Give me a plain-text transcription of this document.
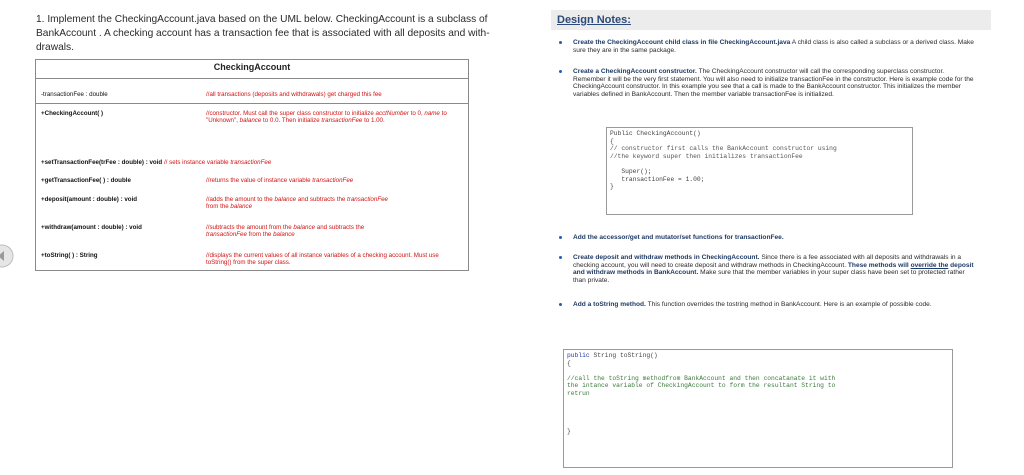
1. Implement the CheckingAccount.java based on the UML below. CheckingAccount is a subclass of BankAccount . A checking account has a transaction fee that is associated with all deposits and with-drawals.
CheckingAccount
-transactionFee : double	//all transactions (deposits and withdrawals) get charged this fee
+CheckingAccount( )	//constructor. Must call the super class constructor to initialize acctNumber to 0, name to "Unknown", balance to 0.0. Then initialize transactionFee to 1.00.
+setTransactionFee(trFee : double) : void // sets instance variable transactionFee
+getTransactionFee( ) : double	//returns the value of instance variable transactionFee
+deposit(amount : double) : void	//adds the amount to the balance and subtracts the transactionFee
from the balance
+withdraw(amount : double) : void	//subtracts the amount from the balance and subtracts the
transactionFee from the balance
+toString( ) : String	//displays the current values of all instance variables of a checking account. Must use toString() from the super class.
Design Notes:
Create the CheckingAccount child class in file CheckingAccount.java A child class is also called a subclass or a derived class. Make sure they are in the same package.
Create a CheckingAccount constructor. The CheckingAccount constructor will call the corresponding superclass constructor. Remember it will be the very first statement. You will also need to initialize transactionFee in the constructor. Here is example code for the CheckingAccount constructor. In this example you see that a call is made to the BankAccount constructor. This initializes the member variables defined in BankAccount. Then the member variable transactionFee is initialized.
Public CheckingAccount()
{
// constructor first calls the BankAccount constructor using
//the keyword super then initializes transactionFee

Super();
transactionFee = 1.00;
}
Add the accessor/get and mutator/set functions for transactionFee.
Create deposit and withdraw methods in CheckingAccount. Since there is a fee associated with all deposits and withdrawals in a checking account, you will need to create deposit and withdraw methods in CheckingAccount. These methods will override the deposit and withdraw methods in BankAccount. Make sure that the member variables in your super class have been set to protected rather than private.
Add a toString method. This function overrides the tostring method in BankAccount. Here is an example of possible code.
public String toString()
{

//call the toString methodfrom BankAccount and then concatanate it with
the intance variable of CheckingAccount to form the resultant String to
retrun

}
